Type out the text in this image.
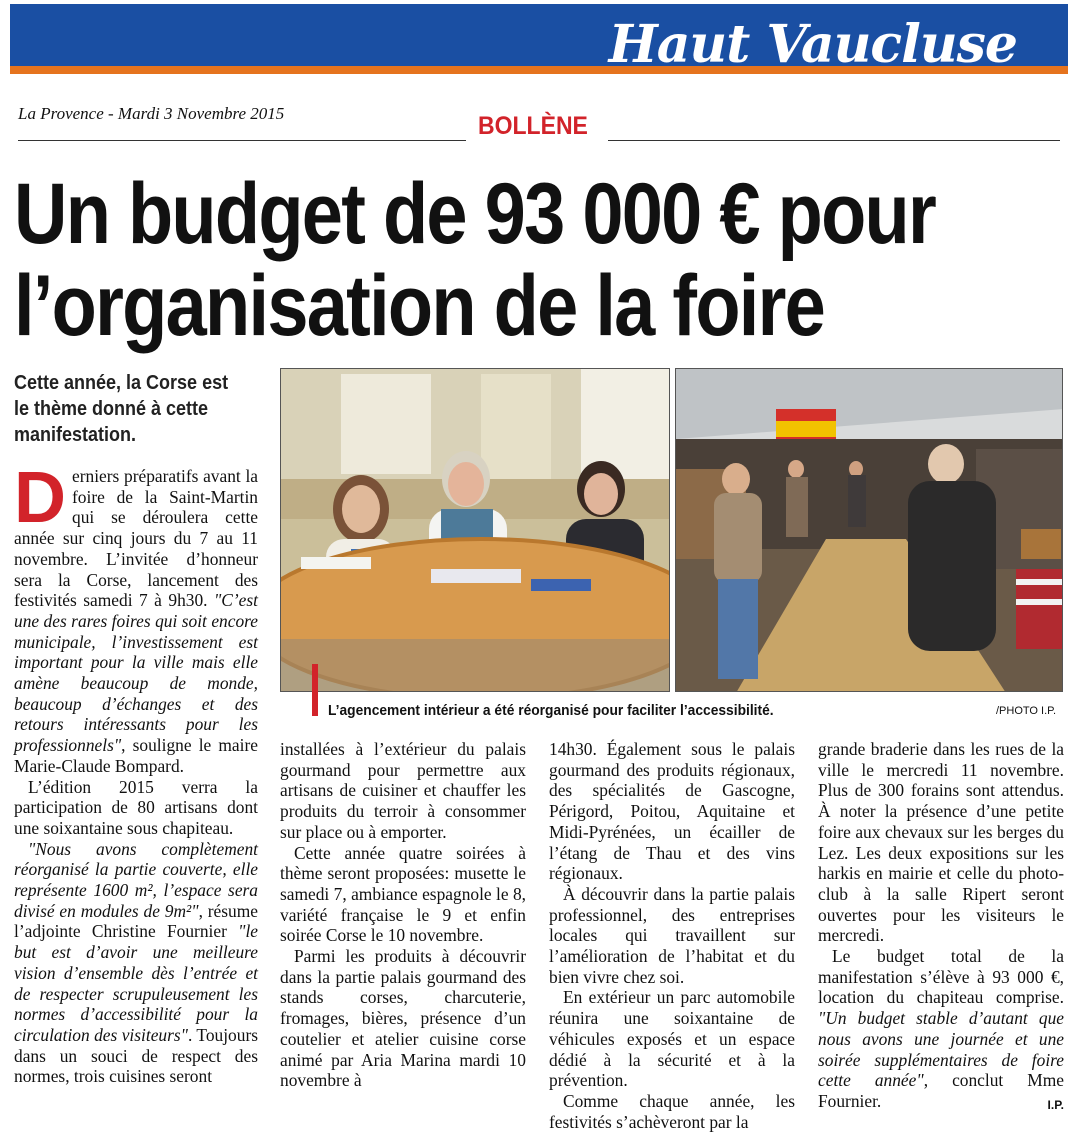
Haut Vaucluse
La Provence - Mardi 3 Novembre 2015	BOLLÈNE
Un budget de 93 000 € pour
l’organisation de la foire
Cette année, la Corse est le thème donné à cette manifestation.
L’agencement intérieur a été réorganisé pour faciliter l’accessibilité.	/PHOTO I.P.

Derniers préparatifs avant la foire de la Saint-Martin qui se déroulera cette année sur cinq jours du 7 au 11 novembre. L’invitée d’honneur sera la Corse, lancement des festivités samedi 7 à 9h30. "C’est une des rares foires qui soit encore municipale, l’investissement est important pour la ville mais elle amène beaucoup de monde, beaucoup d’échanges et des retours intéressants pour les professionnels", souligne le maire Marie-Claude Bompard.

L’édition 2015 verra la participation de 80 artisans dont une soixantaine sous chapiteau.

"Nous avons complètement réorganisé la partie couverte, elle représente 1600 m², l’espace sera divisé en modules de 9m²", résume l’adjointe Christine Fournier "le but est d’avoir une meilleure vision d’ensemble dès l’entrée et de respecter scrupuleusement les normes d’accessibilité pour la circulation des visiteurs". Toujours dans un souci de respect des normes, trois cuisines seront

installées à l’extérieur du palais gourmand pour permettre aux artisans de cuisiner et chauffer les produits du terroir à consommer sur place ou à emporter.

Cette année quatre soirées à thème seront proposées: musette le samedi 7, ambiance espagnole le 8, variété française le 9 et enfin soirée Corse le 10 novembre.

Parmi les produits à découvrir dans la partie palais gourmand des stands corses, charcuterie, fromages, bières, présence d’un coutelier et atelier cuisine corse animé par Aria Marina mardi 10 novembre à

14h30. Également sous le palais gourmand des produits régionaux, des spécialités de Gascogne, Périgord, Poitou, Aquitaine et Midi-Pyrénées, un écailler de l’étang de Thau et des vins régionaux.

À découvrir dans la partie palais professionnel, des entreprises locales qui travaillent sur l’amélioration de l’habitat et du bien vivre chez soi.

En extérieur un parc automobile réunira une soixantaine de véhicules exposés et un espace dédié à la sécurité et à la prévention.

Comme chaque année, les festivités s’achèveront par la

grande braderie dans les rues de la ville le mercredi 11 novembre. Plus de 300 forains sont attendus. À noter la présence d’une petite foire aux chevaux sur les berges du Lez. Les deux expositions sur les harkis en mairie et celle du photo-club à la salle Ripert seront ouvertes pour les visiteurs le mercredi.

Le budget total de la manifestation s’élève à 93 000 €, location du chapiteau comprise. "Un budget stable d’autant que nous avons une journée et une soirée supplémentaires de foire cette année", conclut Mme Fournier.	I.P.
